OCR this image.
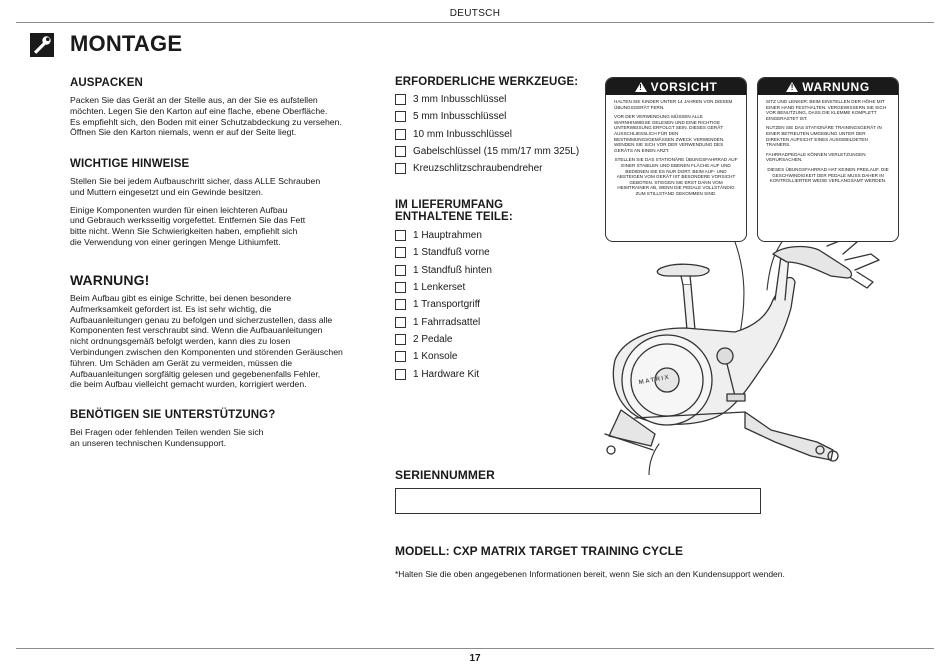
DEUTSCH
MONTAGE
AUSPACKEN

Packen Sie das Gerät an der Stelle aus, an der Sie es aufstellen
möchten. Legen Sie den Karton auf eine flache, ebene Oberfläche.
Es empfiehlt sich, den Boden mit einer Schutzabdeckung zu versehen.
Öffnen Sie den Karton niemals, wenn er auf der Seite liegt.

WICHTIGE HINWEISE

Stellen Sie bei jedem Aufbauschritt sicher, dass ALLE Schrauben
und Muttern eingesetzt und ein Gewinde besitzen.

Einige Komponenten wurden für einen leichteren Aufbau
und Gebrauch werksseitig vorgefettet. Entfernen Sie das Fett
bitte nicht. Wenn Sie Schwierigkeiten haben, empfiehlt sich
die Verwendung von einer geringen Menge Lithiumfett.

WARNUNG!

Beim Aufbau gibt es einige Schritte, bei denen besondere
Aufmerksamkeit gefordert ist. Es ist sehr wichtig, die
Aufbauanleitungen genau zu befolgen und sicherzustellen, dass alle
Komponenten fest verschraubt sind. Wenn die Aufbauanleitungen
nicht ordnungsgemäß befolgt werden, kann dies zu losen
Verbindungen zwischen den Komponenten und störenden Geräuschen
führen. Um Schäden am Gerät zu vermeiden, müssen die
Aufbauanleitungen sorgfältig gelesen und gegebenenfalls Fehler,
die beim Aufbau vielleicht gemacht wurden, korrigiert werden.

BENÖTIGEN SIE UNTERSTÜTZUNG?

Bei Fragen oder fehlenden Teilen wenden Sie sich
an unseren technischen Kundensupport.

ERFORDERLICHE WERKZEUGE:
3 mm Inbusschlüssel
5 mm Inbusschlüssel
10 mm Inbusschlüssel
Gabelschlüssel (15 mm/17 mm 325L)
Kreuzschlitzschraubendreher
IM LIEFERUMFANG
ENTHALTENE TEILE:
1 Hauptrahmen
1 Standfuß vorne
1 Standfuß hinten
1 Lenkerset
1 Transportgriff
1 Fahrradsattel
2 Pedale
1 Konsole
1 Hardware Kit
MATRIX
!
VORSICHT
HALTEN SIE KINDER UNTER 14 JAHREN VON DIESEM ÜBUNGSGERÄT FERN.
VOR DER VERWENDUNG MÜSSEN ALLE WARNHINWEISE GELESEN UND EINE RICHTIGE UNTERWEISUNG ERFOLGT SEIN. DIESES GERÄT AUSSCHLIESSLICH FÜR DEN BESTIMMUNGSGEMÄSSEN ZWECK VERWENDEN. WENDEN SIE SICH VOR DER VERWENDUNG DES GERÄTS AN EINEN ARZT.
STELLEN SIE DAS STATIONÄRE ÜBUNGSFAHRRAD AUF EINER STABILEN UND EBENEN FLÄCHE AUF UND BEDIENEN SIE ES NUR DORT. BEIM AUF- UND ABSTEIGEN VOM GERÄT IST BESONDERE VORSICHT GEBOTEN. STEIGEN SIE ERST DANN VOM HEIMTRAINER AB, WENN DIE PEDALE VOLLSTÄNDIG ZUM STILLSTAND GEKOMMEN SIND.
!
WARNUNG
SITZ UND LENKER: BEIM EINSTELLEN DER HÖHE MIT EINER HAND FESTHALTEN. VERGEWISSERN SIE SICH VOR BENUTZUNG, DASS DIE KLEMME KOMPLETT EINGERASTET IST.
NUTZEN SIE DAS STATIONÄRE TRAININGSGERÄT IN EINER BETREUTEN UMGEBUNG UNTER DER DIREKTEN AUFSICHT EINES AUSGEBILDETEN TRAINERS.
FAHRRADPEDALE KÖNNEN VERLETZUNGEN VERURSACHEN.
DIESES ÜBUNGSFAHRRAD HAT KEINEN FREILAUF. DIE GESCHWINDIGKEIT DER PEDALE MUSS DAHER IN KONTROLLIERTER WEISE VERLANGSAMT WERDEN.
SERIENNUMMER
MODELL: CXP MATRIX TARGET TRAINING CYCLE
*Halten Sie die oben angegebenen Informationen bereit, wenn Sie sich an den Kundensupport wenden.
17
